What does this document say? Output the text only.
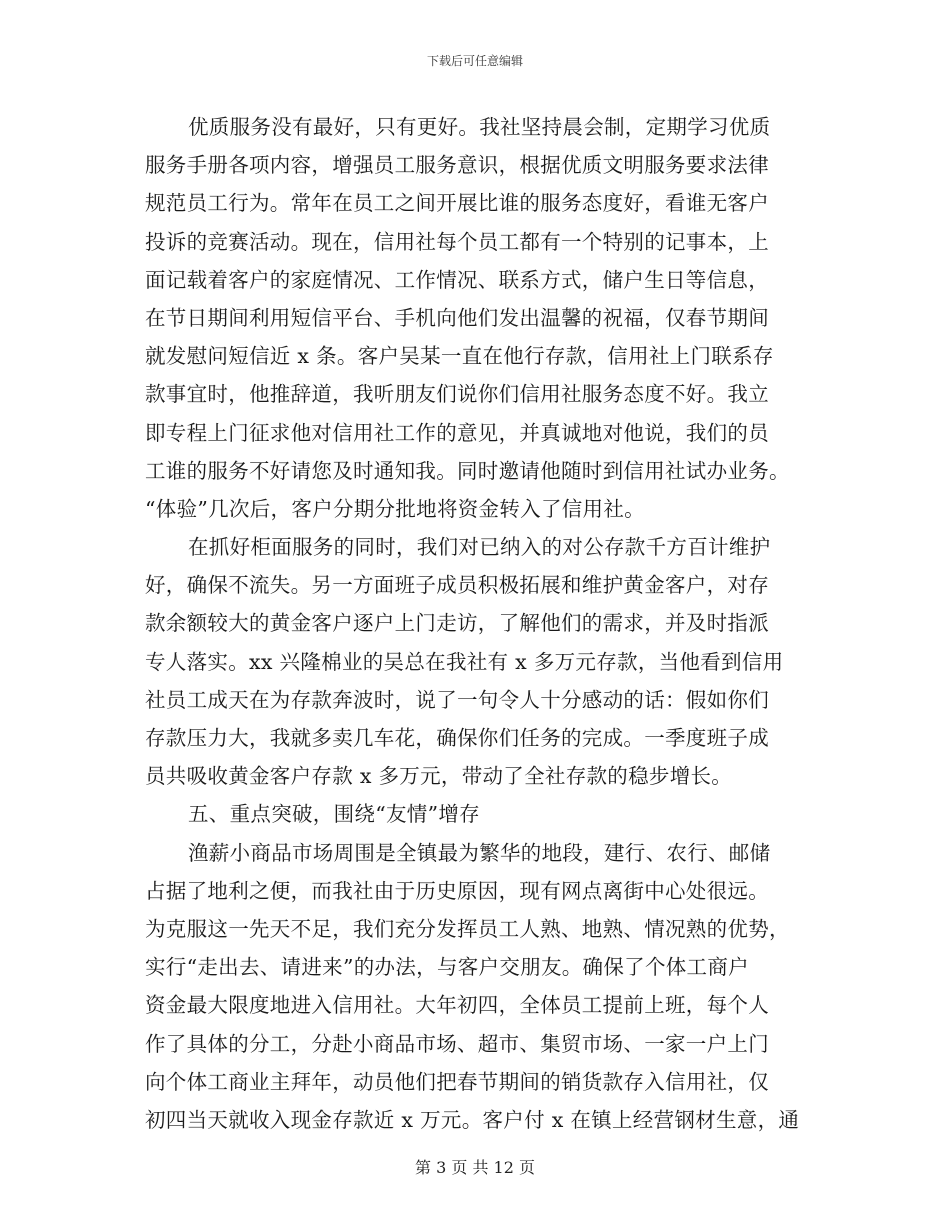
下载后可任意编辑
优质服务没有最好，只有更好。我社坚持晨会制，定期学习优质
服务手册各项内容，增强员工服务意识，根据优质文明服务要求法律
规范员工行为。常年在员工之间开展比谁的服务态度好，看谁无客户
投诉的竞赛活动。现在，信用社每个员工都有一个特别的记事本，上
面记载着客户的家庭情况、工作情况、联系方式，储户生日等信息，
在节日期间利用短信平台、手机向他们发出温馨的祝福，仅春节期间
就发慰问短信近 x 条。客户吴某一直在他行存款，信用社上门联系存
款事宜时，他推辞道，我听朋友们说你们信用社服务态度不好。我立
即专程上门征求他对信用社工作的意见，并真诚地对他说，我们的员
工谁的服务不好请您及时通知我。同时邀请他随时到信用社试办业务。
“体验”几次后，客户分期分批地将资金转入了信用社。
在抓好柜面服务的同时，我们对已纳入的对公存款千方百计维护
好，确保不流失。另一方面班子成员积极拓展和维护黄金客户，对存
款余额较大的黄金客户逐户上门走访，了解他们的需求，并及时指派
专人落实。xx 兴隆棉业的吴总在我社有 x 多万元存款，当他看到信用
社员工成天在为存款奔波时，说了一句令人十分感动的话：假如你们
存款压力大，我就多卖几车花，确保你们任务的完成。一季度班子成
员共吸收黄金客户存款 x 多万元，带动了全社存款的稳步增长。
五、重点突破，围绕“友情”增存
渔薪小商品市场周围是全镇最为繁华的地段，建行、农行、邮储
占据了地利之便，而我社由于历史原因，现有网点离街中心处很远。
为克服这一先天不足，我们充分发挥员工人熟、地熟、情况熟的优势，
实行“走出去、请进来”的办法，与客户交朋友。确保了个体工商户
资金最大限度地进入信用社。大年初四，全体员工提前上班，每个人
作了具体的分工，分赴小商品市场、超市、集贸市场、一家一户上门
向个体工商业主拜年，动员他们把春节期间的销货款存入信用社，仅
初四当天就收入现金存款近 x 万元。客户付 x 在镇上经营钢材生意，通
第 3 页 共 12 页
